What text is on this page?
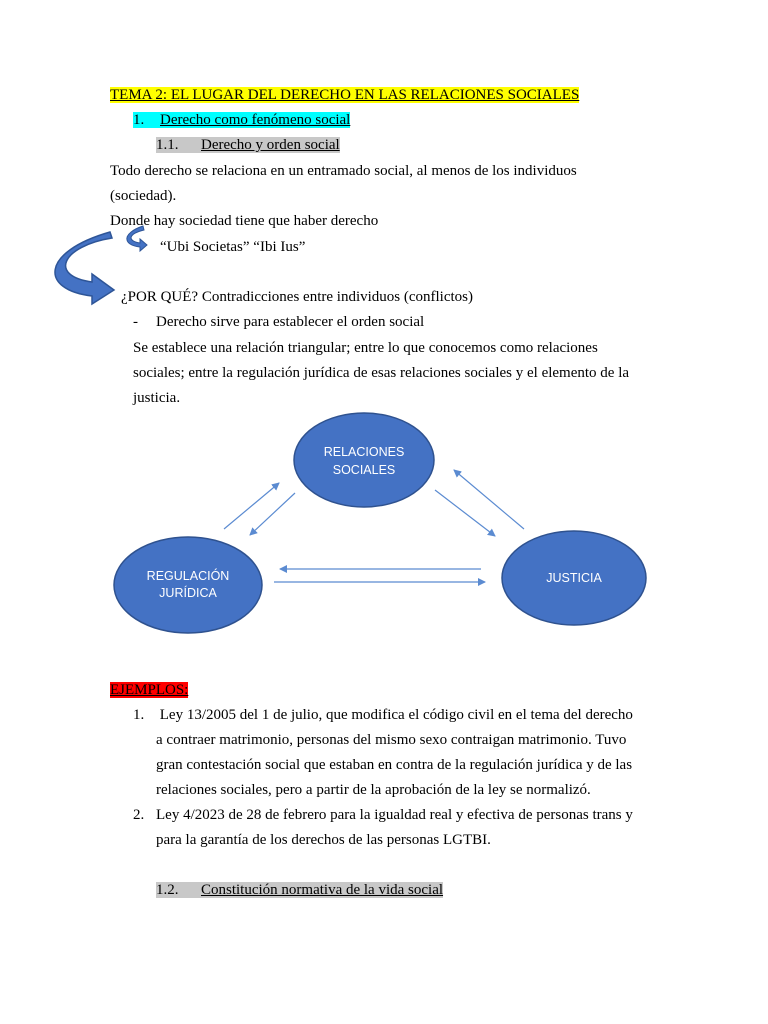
TEMA 2: EL LUGAR DEL DERECHO EN LAS RELACIONES SOCIALES
1. Derecho como fenómeno social
1.1. Derecho y orden social
Todo derecho se relaciona en un entramado social, al menos de los individuos
(sociedad).
Donde hay sociedad tiene que haber derecho
“Ubi Societas” “Ibi Ius”
¿POR QUÉ? Contradicciones entre individuos (conflictos)
- Derecho sirve para establecer el orden social
Se establece una relación triangular; entre lo que conocemos como relaciones
sociales; entre la regulación jurídica de esas relaciones sociales y el elemento de la
justicia.
RELACIONES
SOCIALES
REGULACIÓN
JURÍDICA
JUSTICIA
EJEMPLOS:
1. Ley 13/2005 del 1 de julio, que modifica el código civil en el tema del derecho
a contraer matrimonio, personas del mismo sexo contraigan matrimonio. Tuvo
gran contestación social que estaban en contra de la regulación jurídica y de las
relaciones sociales, pero a partir de la aprobación de la ley se normalizó.
2. Ley 4/2023 de 28 de febrero para la igualdad real y efectiva de personas trans y
para la garantía de los derechos de las personas LGTBI.
1.2. Constitución normativa de la vida social
